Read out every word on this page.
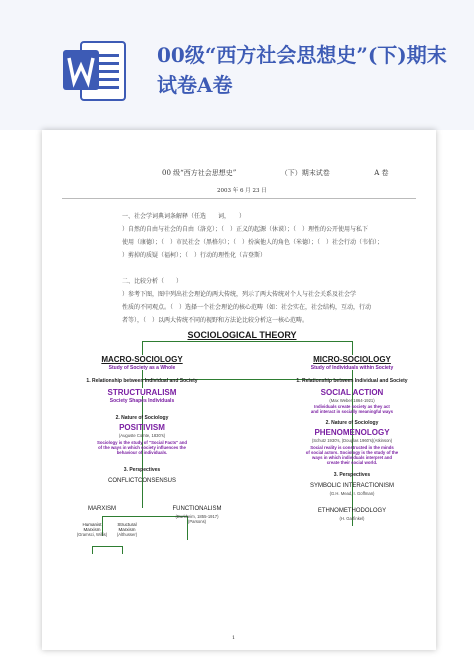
00级“西方社会思想史”(下)期末试卷A卷
00 级“西方社会思想史”	（下）期末试卷	A 卷
2003 年 6 月 23 日
一、社会学词典词条解释（任选　　词，　　）
）自然的自由与社会的自由（洛克）；（　）正义的起源（休谟）；（　）理性的公开使用与私下
使用（康德）；（　）市民社会（黑格尔）；（　）扮演他人的角色（米德）；（　）社会行动（韦伯）；
）剪掉的质疑（福柯）；（　）行动的理性化（吉登斯）
二、比较分析（　　）
）参考下图，图中列出社会理论的两大传统，列示了两大传统对个人与社会关系及社会学
性质的不同观点。（　）选择一个社会理论的核心范畴（如：社会实在，社会结构，互动，行动
者等），（　）以两大传统不同的视野和方法论比较分析这一核心范畴。
SOCIOLOGICAL THEORY
MACRO-SOCIOLOGY
Study of Society as a Whole
1. Relationship between Individual and Society
STRUCTURALISM
Society Shapes Individuals
2. Nature of Sociology
POSITIVISM
(Auguste Comte, 1830's)
Sociology is the study of "Social Facts" and
of the ways in which society influences the
behaviour of individuals.
3. Perspectives
CONFLICTCONSENSUS
MARXISM	FUNCTIONALISM
(Durkheim, 1855-1917)
(Parsons)
Humanist
Marxism
(Gramsci, Willis)
Structural
Marxism
(Althusser)
MICRO-SOCIOLOGY
Study of Individuals within Society
1. Relationship between Individual and Society
SOCIAL ACTION
(Max Weber 1864-1921)
Individuals create society as they act
and interact in socially meaningful ways
2. Nature of Sociology
PHENOMENOLOGY
(Schutz 1930's, (Douglas 1960's)(Atkinson)
Social reality is constructed in the minds
of social actors. Sociology is the study of the
ways in which individuals interpret and
create their social world.
3. Perspectives
SYMBOLIC INTERACTIONISM
(G.H. Mead, I. Goffman)
ETHNOMETHODOLOGY
(H. Garfinkel)
1
